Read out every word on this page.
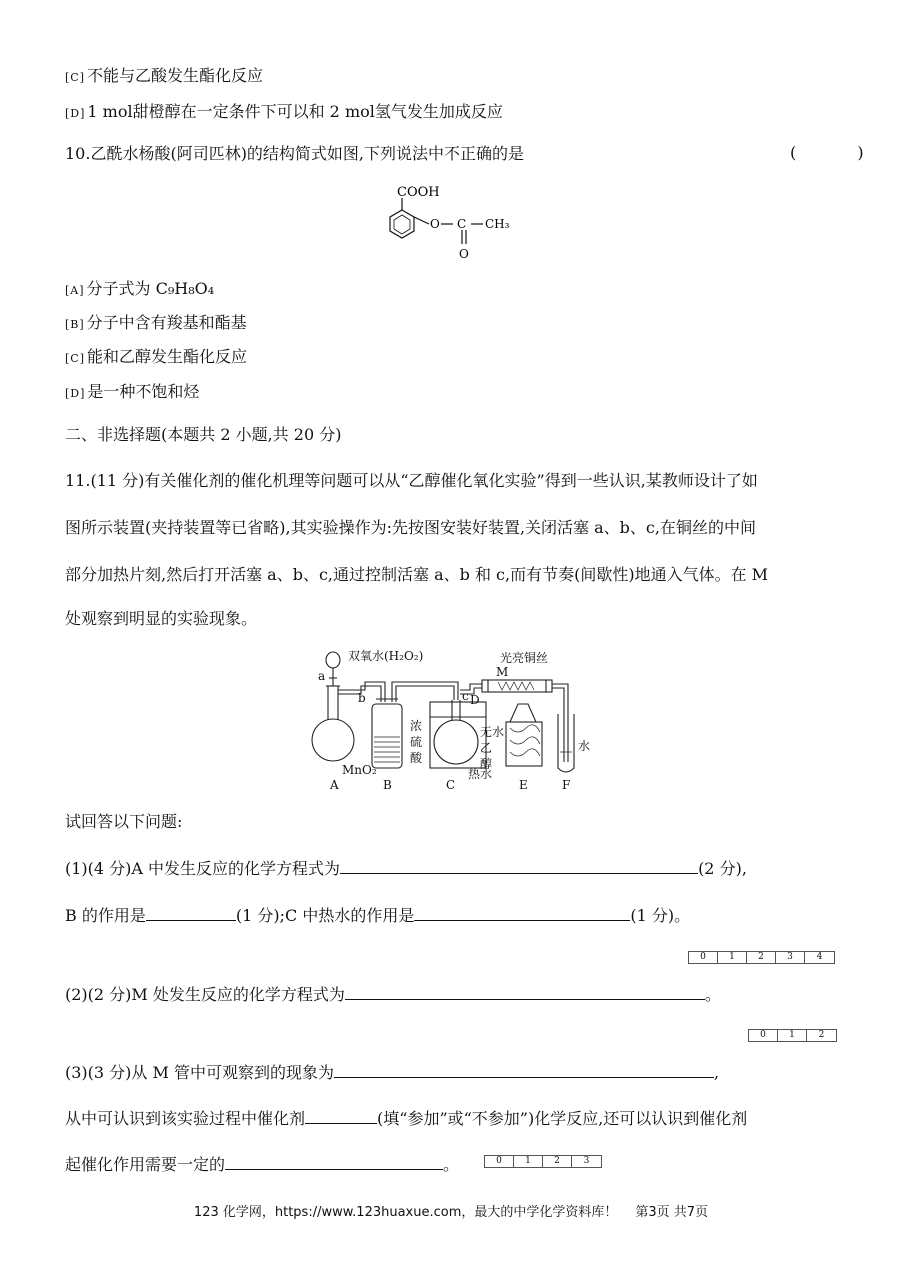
[C] 不能与乙酸发生酯化反应
[D] 1 mol甜橙醇在一定条件下可以和 2 mol氢气发生加成反应
10.乙酰水杨酸(阿司匹林)的结构简式如图,下列说法中不正确的是	( )
COOH
O C CH₃
O
[A] 分子式为 C₉H₈O₄
[B] 分子中含有羧基和酯基
[C] 能和乙醇发生酯化反应
[D] 是一种不饱和烃
二、非选择题(本题共 2 小题,共 20 分)
11.(11 分)有关催化剂的催化机理等问题可以从“乙醇催化氧化实验”得到一些认识,某教师设计了如
图所示装置(夹持装置等已省略),其实验操作为:先按图安装好装置,关闭活塞 a、b、c,在铜丝的中间
部分加热片刻,然后打开活塞 a、b、c,通过控制活塞 a、b 和 c,而有节奏(间歇性)地通入气体。在 M
处观察到明显的实验现象。
双氧水(H₂O₂)	光亮铜丝
a
b	c D
M
浓
硫
酸
无水
乙
醇
热水
水
MnO₂
A	B	C	E	F
试回答以下问题:
(1)(4 分)A 中发生反应的化学方程式为	(2 分),
B 的作用是	(1 分);C 中热水的作用是	(1 分)。
0	1	2	3	4
(2)(2 分)M 处发生反应的化学方程式为	。
0	1	2
(3)(3 分)从 M 管中可观察到的现象为	,
从中可认识到该实验过程中催化剂	(填“参加”或“不参加”)化学反应,还可以认识到催化剂
起催化作用需要一定的	。	0	1	2	3
123 化学网，https://www.123huaxue.com，最大的中学化学资料库！ 第3页 共7页
